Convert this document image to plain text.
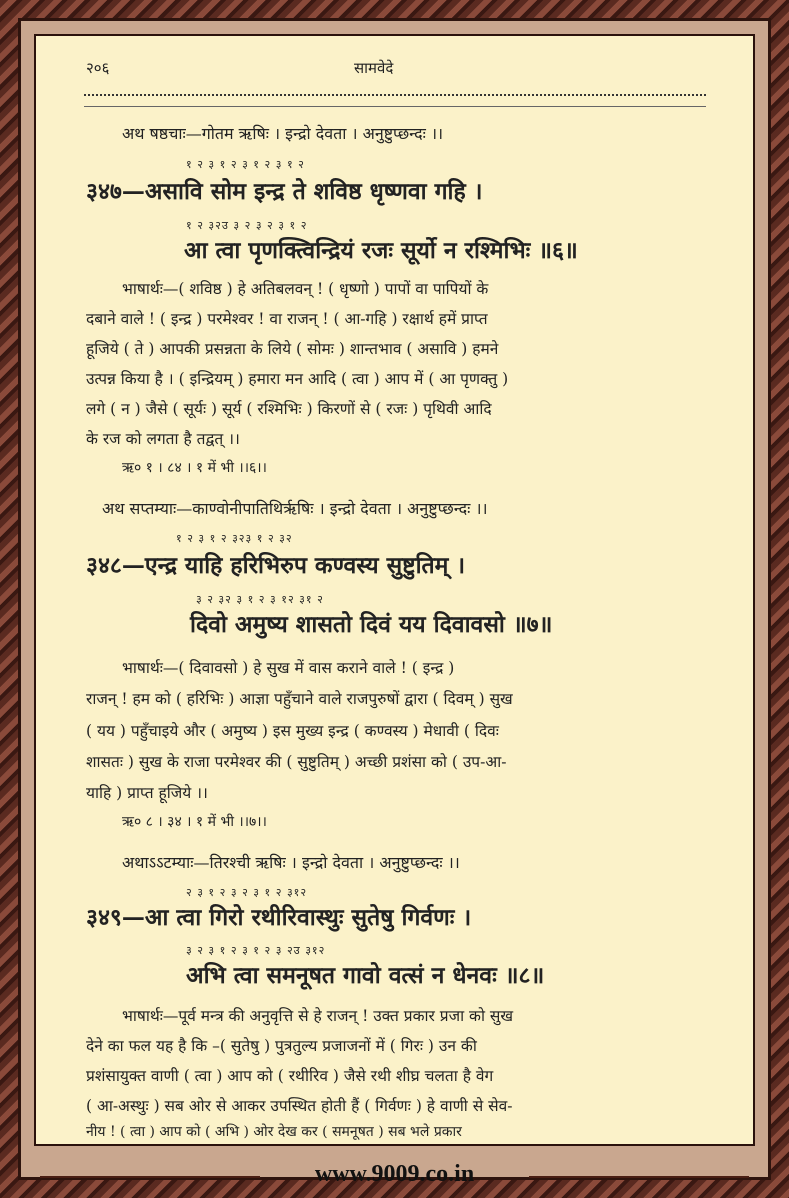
२०६	सामवेदे
अथ षष्ठचाः—गोतम ऋषिः । इन्द्रो देवता । अनुष्टुप्छन्दः ।।
१ २ ३ १ २ ३ १ २ ३ १ २
३४७—असावि सोम इन्द्र ते शविष्ठ धृष्णवा गहि ।
१ २ ३२उ ३ २ ३ २ ३ १ २
आ त्वा पृणक्त्विन्द्रियं रजः सूर्यो न रश्मिभिः ॥६॥
भाषार्थः—( शविष्ठ ) हे अतिबलवन् ! ( धृष्णो ) पापों वा पापियों के
दबाने वाले ! ( इन्द्र ) परमेश्वर ! वा राजन् ! ( आ-गहि ) रक्षार्थ हमें प्राप्त
हूजिये ( ते ) आपकी प्रसन्नता के लिये ( सोमः ) शान्तभाव ( असावि ) हमने
उत्पन्न किया है । ( इन्द्रियम् ) हमारा मन आदि ( त्वा ) आप में ( आ पृणक्तु )
लगे ( न ) जैसे ( सूर्यः ) सूर्य ( रश्मिभिः ) किरणों से ( रजः ) पृथिवी आदि
के रज को लगता है तद्वत् ।।
ऋ० १ । ८४ । १ में भी ।।६।।
अथ सप्तम्याः—काण्वोनीपातिथिर्ऋषिः । इन्द्रो देवता । अनुष्टुप्छन्दः ।।
१ २ ३ १ २ ३२३ १ २ ३२
३४८—एन्द्र याहि हरिभिरुप कण्वस्य सुष्टुतिम् ।
३ २ ३२ ३ १ २ ३ १२ ३१ २
दिवो अमुष्य शासतो दिवं यय दिवावसो ॥७॥
भाषार्थः—( दिवावसो ) हे सुख में वास कराने वाले ! ( इन्द्र )
राजन् ! हम को ( हरिभिः ) आज्ञा पहुँचाने वाले राजपुरुषों द्वारा ( दिवम् ) सुख
( यय ) पहुँचाइये और ( अमुष्य ) इस मुख्य इन्द्र ( कण्वस्य ) मेधावी ( दिवः
शासतः ) सुख के राजा परमेश्वर की ( सुष्टुतिम् ) अच्छी प्रशंसा को ( उप-आ-
याहि ) प्राप्त हूजिये ।।
ऋ० ८ । ३४ । १ में भी ।।७।।
अथाऽऽटम्याः—तिरश्ची ऋषिः । इन्द्रो देवता । अनुष्टुप्छन्दः ।।
२ ३ १ २ ३ २ ३ १ २ ३१२
३४९—आ त्वा गिरो रथीरिवास्थुः सुतेषु गिर्वणः ।
३ २ ३ १ २ ३ १ २ ३ २उ ३१२
अभि त्वा समनूषत गावो वत्सं न धेनवः ॥८॥
भाषार्थः—पूर्व मन्त्र की अनुवृत्ति से हे राजन् ! उक्त प्रकार प्रजा को सुख
देने का फल यह है कि –( सुतेषु ) पुत्रतुल्य प्रजाजनों में ( गिरः ) उन की
प्रशंसायुक्त वाणी ( त्वा ) आप को ( रथीरिव ) जैसे रथी शीघ्र चलता है वेग
( आ-अस्थुः ) सब ओर से आकर उपस्थित होती हैं ( गिर्वणः ) हे वाणी से सेव-
नीय ! ( त्वा ) आप को ( अभि ) ओर देख कर ( समनूषत ) सब भले प्रकार
www.9009.co.in
